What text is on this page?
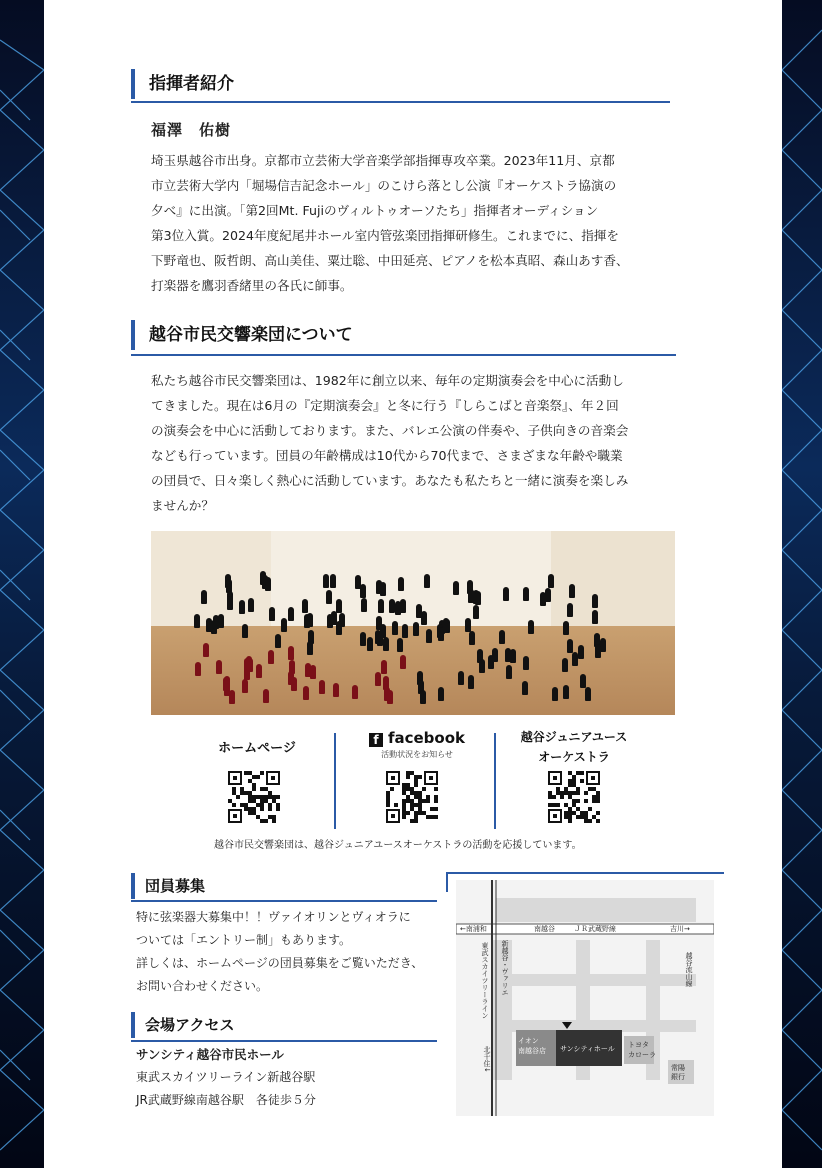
指揮者紹介
福澤　佑樹

埼玉県越谷市出身。京都市立芸術大学音楽学部指揮専攻卒業。2023年11月、京都

市立芸術大学内「堀場信吉記念ホール」のこけら落とし公演『オーケストラ協演の

夕べ』に出演。「第2回Mt. Fujiのヴィルトゥオーソたち」指揮者オーディション

第3位入賞。2024年度紀尾井ホール室内管弦楽団指揮研修生。これまでに、指揮を

下野竜也、阪哲朗、高山美佳、粟辻聡、中田延亮、ピアノを松本真昭、森山あす香、

打楽器を鷹羽香緒里の各氏に師事。

越谷市民交響楽団について

私たち越谷市民交響楽団は、1982年に創立以来、毎年の定期演奏会を中心に活動し

てきました。現在は6月の『定期演奏会』と冬に行う『しらこばと音楽祭』、年２回

の演奏会を中心に活動しております。また、バレエ公演の伴奏や、子供向きの音楽会

なども行っています。団員の年齢構成は10代から70代まで、さまざまな年齢や職業

の団員で、日々楽しく熱心に活動しています。あなたも私たちと一緒に演奏を楽しみ

ませんか？

ホームページ
f facebook
活動状況をお知らせ
越谷ジュニアユース
オーケストラ
越谷市民交響楽団は、越谷ジュニアユースオーケストラの活動を応援しています。
団員募集

特に弦楽器大募集中！！ヴァイオリンとヴィオラに

ついては「エントリー制」もあります。

詳しくは、ホームページの団員募集をご覧いただき、

お問い合わせください。

会場アクセス
サンシティ越谷市民ホール

東武スカイツリーライン新越谷駅

JR武蔵野線南越谷駅　各徒歩５分

←南浦和	南越谷	ＪＲ武蔵野線	吉川→
新越谷・ヴァリエ
東武スカイツリーライン	越谷流山線
イオン
南越谷店 サンシティホール トヨタ
カローラ
北千住↓	常陽
銀行
